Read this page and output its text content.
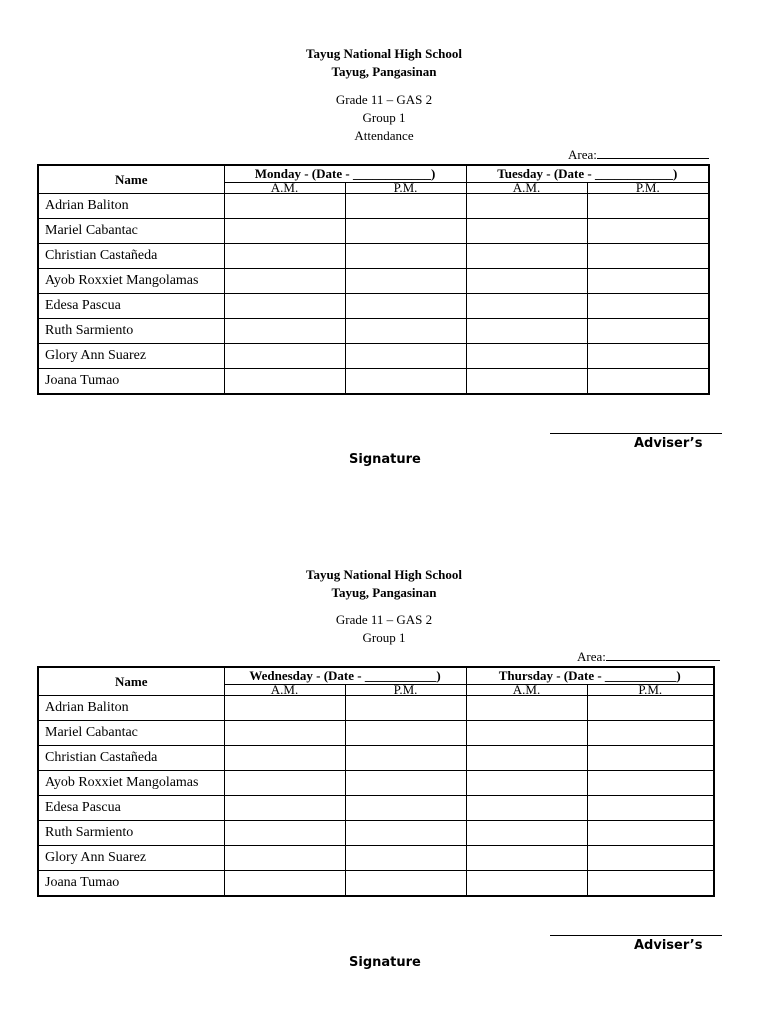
Tayug National High School
Tayug, Pangasinan
Grade 11 – GAS 2
Group 1
Attendance
Area:
Name	Monday - (Date - ____________)		Tuesday - (Date - ____________)	
	A.M.	P.M.	A.M.	P.M.
Adrian Baliton				
Mariel Cabantac				
Christian Castañeda				
Ayob Roxxiet Mangolamas				
Edesa Pascua				
Ruth Sarmiento				
Glory Ann Suarez				
Joana Tumao				
Adviser’s
Signature
Tayug National High School
Tayug, Pangasinan
Grade 11 – GAS 2
Group 1
Area:
Name	Wednesday - (Date - ___________)		Thursday - (Date - ___________)	
	A.M.	P.M.	A.M.	P.M.
Adrian Baliton				
Mariel Cabantac				
Christian Castañeda				
Ayob Roxxiet Mangolamas				
Edesa Pascua				
Ruth Sarmiento				
Glory Ann Suarez				
Joana Tumao				
Adviser’s
Signature
